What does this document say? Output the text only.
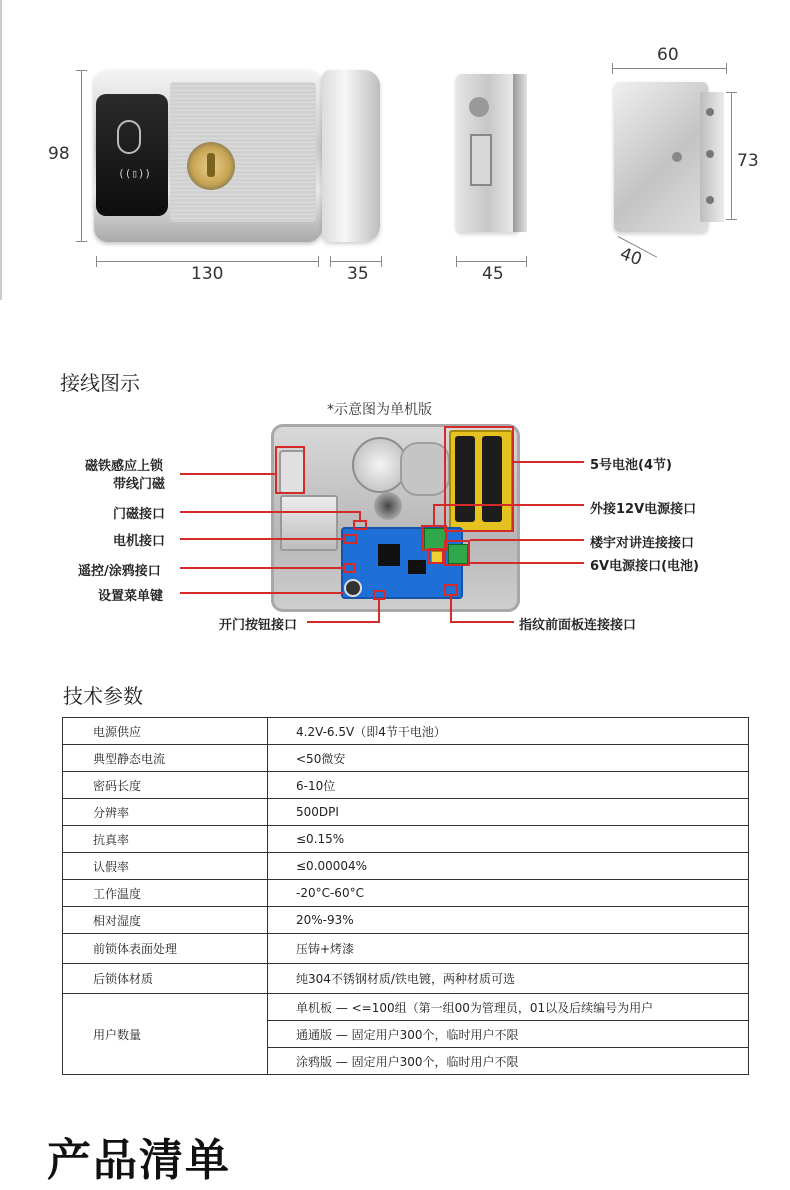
98
((▯))
130	35	45
60
73
40
接线图示
*示意图为单机版
磁铁感应上锁
带线门磁
门磁接口
电机接口
遥控/涂鸦接口
设置菜单键
开门按钮接口
5号电池(4节)
外接12V电源接口
楼宇对讲连接接口
6V电源接口(电池)
指纹前面板连接接口
技术参数
电源供应	4.2V-6.5V（即4节干电池）
典型静态电流	<50微安
密码长度	6-10位
分辨率	500DPI
抗真率	≤0.15%
认假率	≤0.00004%
工作温度	-20°C-60°C
相对湿度	20%-93%
前锁体表面处理	压铸+烤漆
后锁体材质	纯304不锈钢材质/铁电镀，两种材质可选
用户数量	单机板 — <=100组（第一组00为管理员，01以及后续编号为用户
	通通版 — 固定用户300个，临时用户不限
	涂鸦版 — 固定用户300个，临时用户不限
产品清单
